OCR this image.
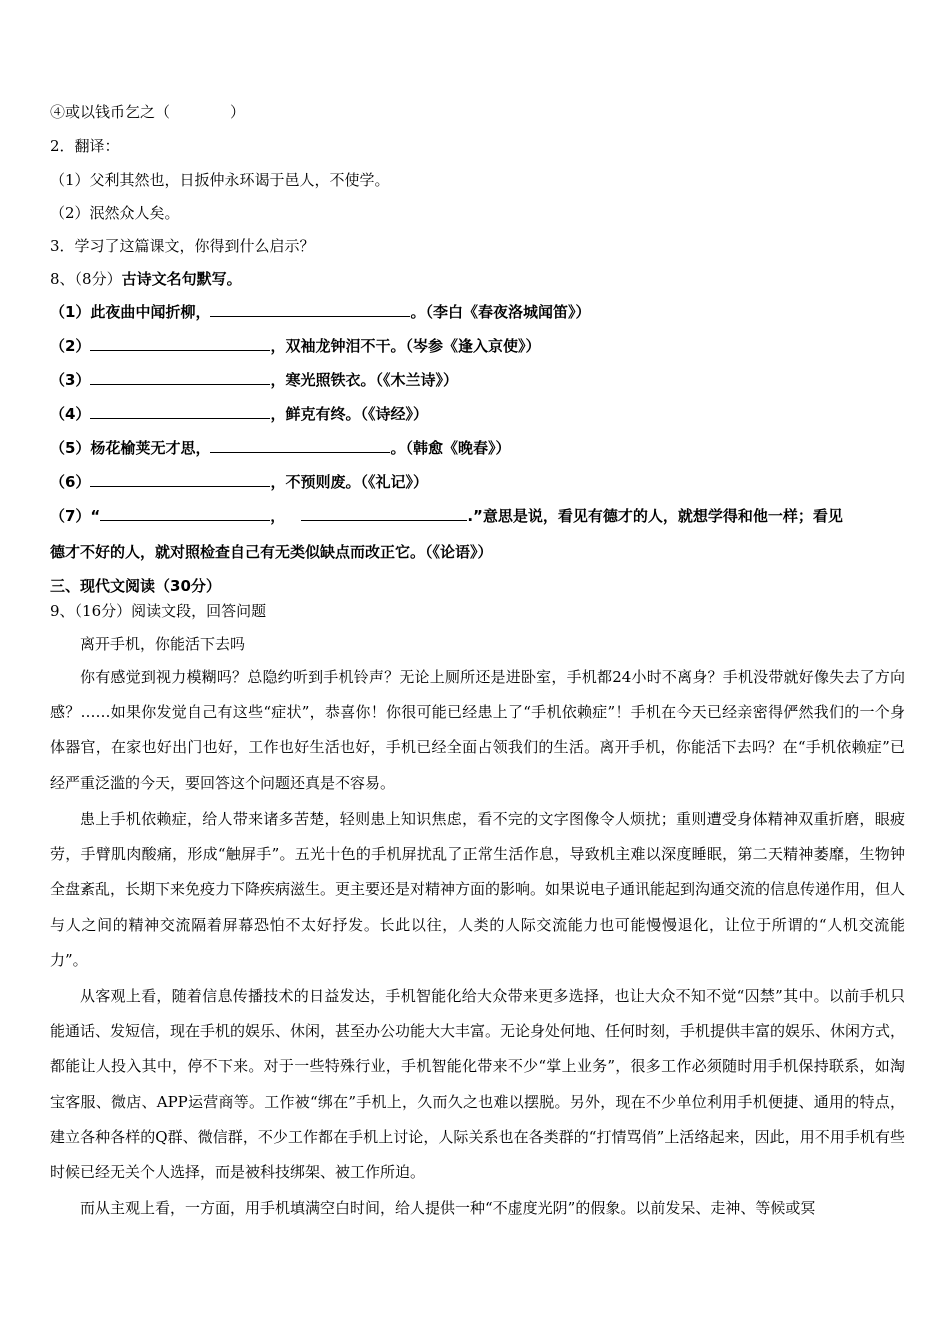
④或以钱币乞之（　　　　）
2．翻译：
（1）父利其然也，日扳仲永环谒于邑人，不使学。
（2）泯然众人矣。
3．学习了这篇课文，你得到什么启示？
8、（8分）古诗文名句默写。
（1）此夜曲中闻折柳，	。（李白《春夜洛城闻笛》）
（2）	，双袖龙钟泪不干。（岑参《逢入京使》）
（3）	，寒光照铁衣。（《木兰诗》）
（4）	，鲜克有终。（《诗经》）
（5）杨花榆荚无才思，	。（韩愈《晚春》）
（6）	，不预则废。（《礼记》）
（7）“	，	.”意思是说，看见有德才的人，就想学得和他一样；看见
德才不好的人，就对照检查自己有无类似缺点而改正它。（《论语》）
三、现代文阅读（30分）
9、（16分）阅读文段，回答问题
离开手机，你能活下去吗

你有感觉到视力模糊吗？总隐约听到手机铃声？无论上厕所还是进卧室，手机都24小时不离身？手机没带就好像失去了方向感？……如果你发觉自己有这些“症状”，恭喜你！你很可能已经患上了“手机依赖症”！手机在今天已经亲密得俨然我们的一个身体器官，在家也好出门也好，工作也好生活也好，手机已经全面占领我们的生活。离开手机，你能活下去吗？在“手机依赖症”已经严重泛滥的今天，要回答这个问题还真是不容易。

患上手机依赖症，给人带来诸多苦楚，轻则患上知识焦虑，看不完的文字图像令人烦扰；重则遭受身体精神双重折磨，眼疲劳，手臂肌肉酸痛，形成“触屏手”。五光十色的手机屏扰乱了正常生活作息，导致机主难以深度睡眠，第二天精神萎靡，生物钟全盘紊乱，长期下来免疫力下降疾病滋生。更主要还是对精神方面的影响。如果说电子通讯能起到沟通交流的信息传递作用，但人与人之间的精神交流隔着屏幕恐怕不太好抒发。长此以往，人类的人际交流能力也可能慢慢退化，让位于所谓的“人机交流能力”。

从客观上看，随着信息传播技术的日益发达，手机智能化给大众带来更多选择，也让大众不知不觉“囚禁”其中。以前手机只能通话、发短信，现在手机的娱乐、休闲，甚至办公功能大大丰富。无论身处何地、任何时刻，手机提供丰富的娱乐、休闲方式，都能让人投入其中，停不下来。对于一些特殊行业，手机智能化带来不少“掌上业务”，很多工作必须随时用手机保持联系，如淘宝客服、微店、APP运营商等。工作被“绑在”手机上，久而久之也难以摆脱。另外，现在不少单位利用手机便捷、通用的特点，建立各种各样的Q群、微信群，不少工作都在手机上讨论，人际关系也在各类群的“打情骂俏”上活络起来，因此，用不用手机有些时候已经无关个人选择，而是被科技绑架、被工作所迫。

而从主观上看，一方面，用手机填满空白时间，给人提供一种“不虚度光阴”的假象。以前发呆、走神、等候或冥
